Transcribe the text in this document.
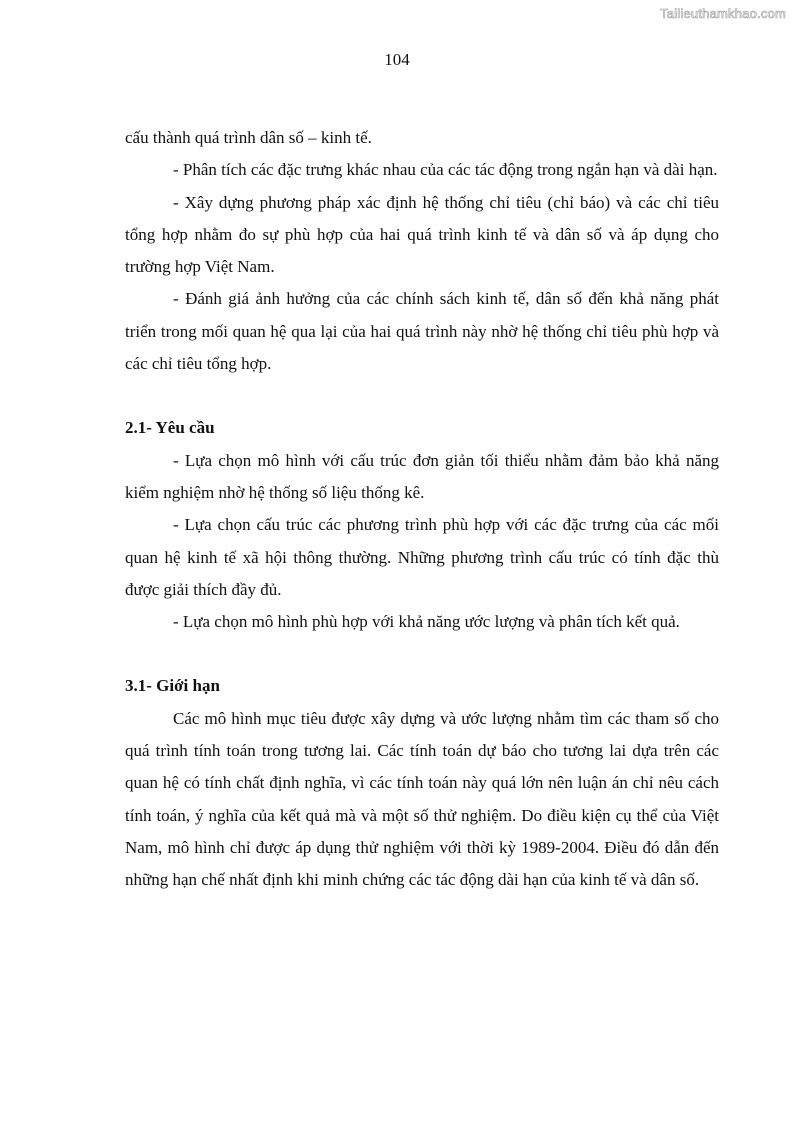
Tailieuthamkhao.com
104

cấu thành quá trình dân số – kinh tế.

- Phân tích các đặc trưng khác nhau của các tác động trong ngắn hạn và dài hạn.

- Xây dựng phương pháp xác định hệ thống chỉ tiêu (chỉ báo) và các chỉ tiêu tổng hợp nhằm đo sự phù hợp của hai quá trình kinh tế và dân số và áp dụng cho trường hợp Việt Nam.

- Đánh giá ảnh hưởng của các chính sách kinh tế, dân số đến khả năng phát triển trong mối quan hệ qua lại của hai quá trình này nhờ hệ thống chỉ tiêu phù hợp và các chỉ tiêu tổng hợp.

2.1- Yêu cầu

- Lựa chọn mô hình với cấu trúc đơn giản tối thiểu nhằm đảm bảo khả năng kiểm nghiệm nhờ hệ thống số liệu thống kê.

- Lựa chọn cấu trúc các phương trình phù hợp với các đặc trưng của các mối quan hệ kinh tế xã hội thông thường. Những phương trình cấu trúc có tính đặc thù được giải thích đầy đủ.

- Lựa chọn mô hình phù hợp với khả năng ước lượng và phân tích kết quả.

3.1- Giới hạn

Các mô hình mục tiêu được xây dựng và ước lượng nhằm tìm các tham số cho quá trình tính toán trong tương lai. Các tính toán dự báo cho tương lai dựa trên các quan hệ có tính chất định nghĩa, vì các tính toán này quá lớn nên luận án chỉ nêu cách tính toán, ý nghĩa của kết quả mà và một số thử nghiệm. Do điều kiện cụ thể của Việt Nam, mô hình chỉ được áp dụng thử nghiệm với thời kỳ 1989-2004. Điều đó dẫn đến những hạn chế nhất định khi minh chứng các tác động dài hạn của kinh tế và dân số.
